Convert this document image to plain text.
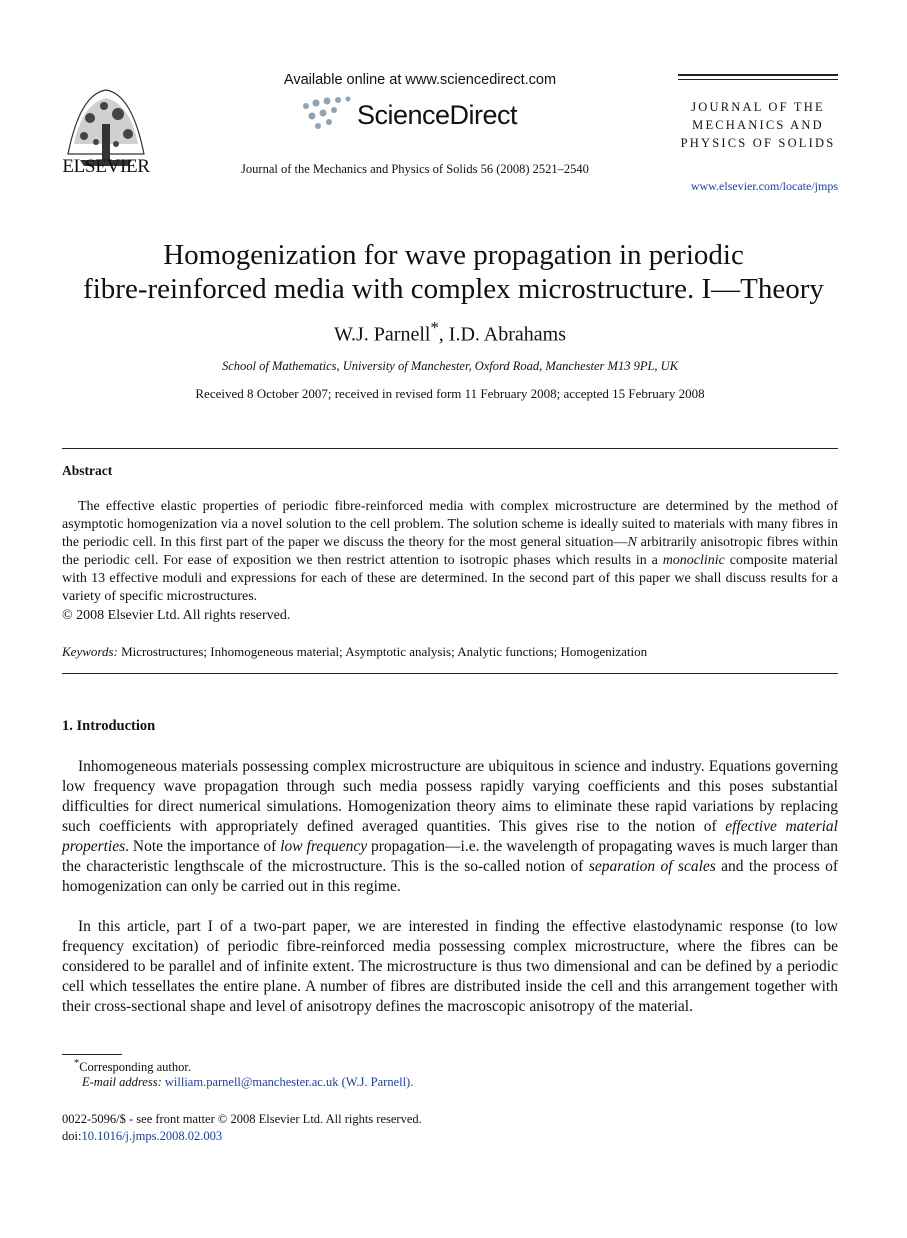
ELSEVIER
Available online at www.sciencedirect.com
ScienceDirect
Journal of the Mechanics and Physics of Solids 56 (2008) 2521–2540
JOURNAL OF THE
MECHANICS AND
PHYSICS OF SOLIDS
www.elsevier.com/locate/jmps
Homogenization for wave propagation in periodic
fibre-reinforced media with complex microstructure. I—Theory
W.J. Parnell*, I.D. Abrahams
School of Mathematics, University of Manchester, Oxford Road, Manchester M13 9PL, UK
Received 8 October 2007; received in revised form 11 February 2008; accepted 15 February 2008
Abstract
The effective elastic properties of periodic fibre-reinforced media with complex microstructure are determined by the method of asymptotic homogenization via a novel solution to the cell problem. The solution scheme is ideally suited to materials with many fibres in the periodic cell. In this first part of the paper we discuss the theory for the most general situation—N arbitrarily anisotropic fibres within the periodic cell. For ease of exposition we then restrict attention to isotropic phases which results in a monoclinic composite material with 13 effective moduli and expressions for each of these are determined. In the second part of this paper we shall discuss results for a variety of specific microstructures.
© 2008 Elsevier Ltd. All rights reserved.
Keywords: Microstructures; Inhomogeneous material; Asymptotic analysis; Analytic functions; Homogenization
1. Introduction
Inhomogeneous materials possessing complex microstructure are ubiquitous in science and industry. Equations governing low frequency wave propagation through such media possess rapidly varying coefficients and this poses substantial difficulties for direct numerical simulations. Homogenization theory aims to eliminate these rapid variations by replacing such coefficients with appropriately defined averaged quantities. This gives rise to the notion of effective material properties. Note the importance of low frequency propagation—i.e. the wavelength of propagating waves is much larger than the characteristic lengthscale of the microstructure. This is the so-called notion of separation of scales and the process of homogenization can only be carried out in this regime.
In this article, part I of a two-part paper, we are interested in finding the effective elastodynamic response (to low frequency excitation) of periodic fibre-reinforced media possessing complex microstructure, where the fibres can be considered to be parallel and of infinite extent. The microstructure is thus two dimensional and can be defined by a periodic cell which tessellates the entire plane. A number of fibres are distributed inside the cell and this arrangement together with their cross-sectional shape and level of anisotropy defines the macroscopic anisotropy of the material.
*Corresponding author.
E-mail address: william.parnell@manchester.ac.uk (W.J. Parnell).
0022-5096/$ - see front matter © 2008 Elsevier Ltd. All rights reserved.
doi:10.1016/j.jmps.2008.02.003
